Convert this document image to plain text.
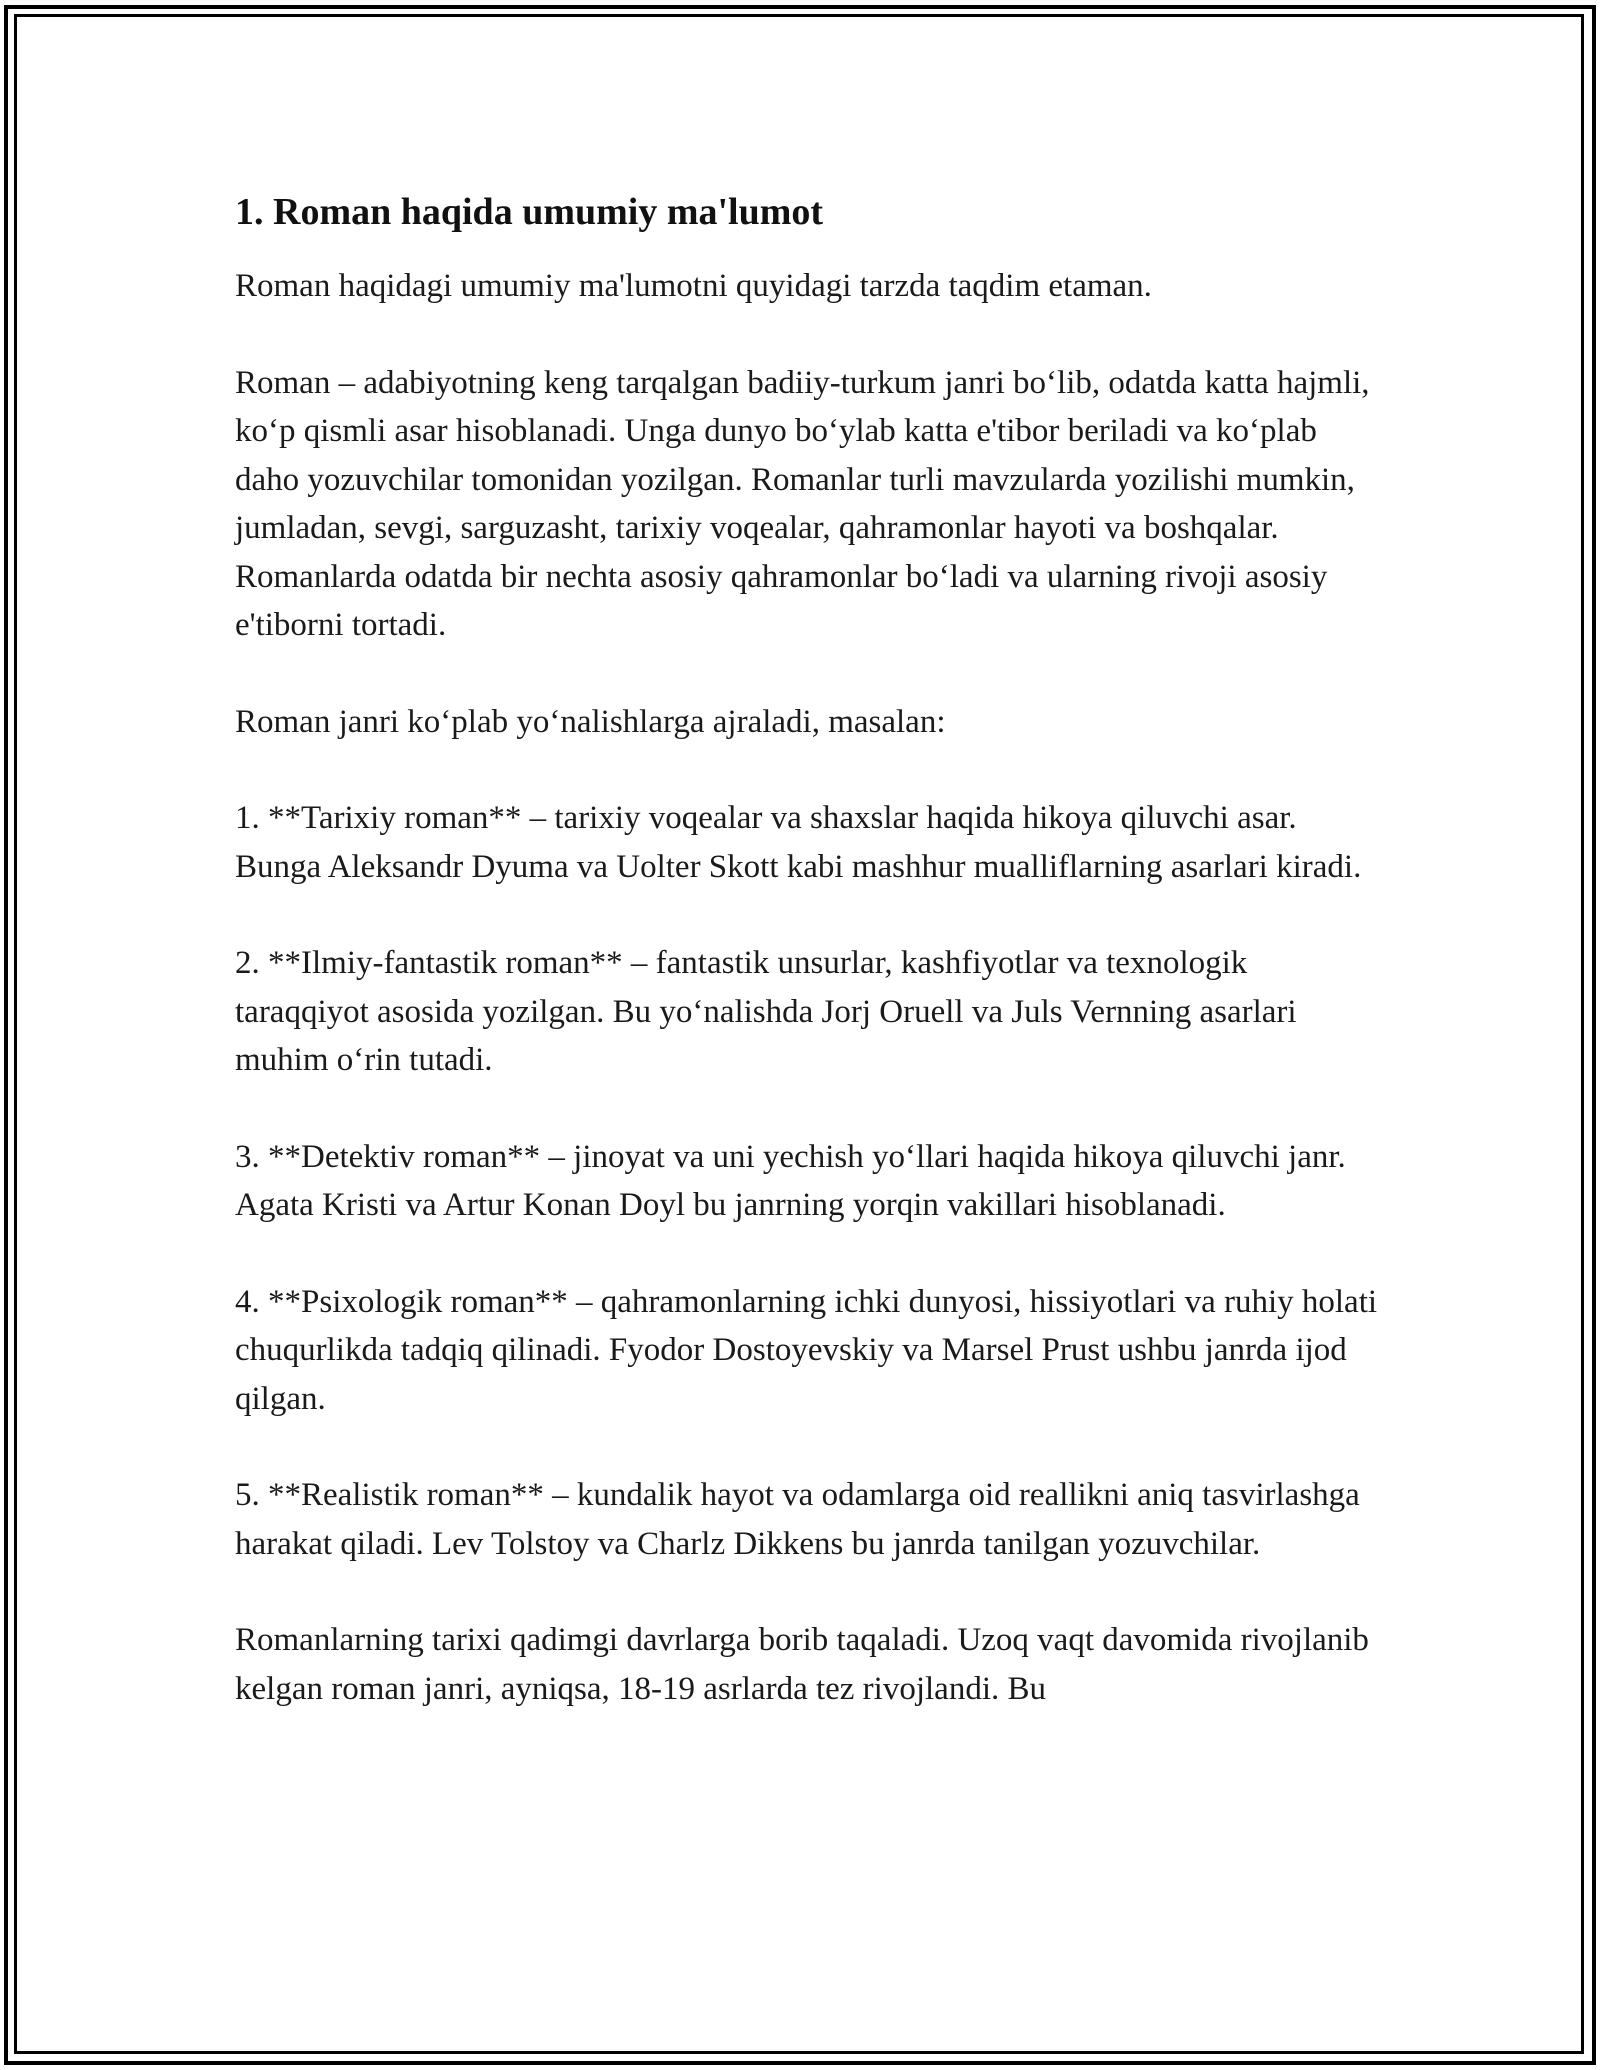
1. Roman haqida umumiy ma'lumot

Roman haqidagi umumiy ma'lumotni quyidagi tarzda taqdim etaman.

Roman – adabiyotning keng tarqalgan badiiy-turkum janri bo‘lib, odatda katta hajmli, ko‘p qismli asar hisoblanadi. Unga dunyo bo‘ylab katta e'tibor beriladi va ko‘plab daho yozuvchilar tomonidan yozilgan. Romanlar turli mavzularda yozilishi mumkin, jumladan, sevgi, sarguzasht, tarixiy voqealar, qahramonlar hayoti va boshqalar. Romanlarda odatda bir nechta asosiy qahramonlar bo‘ladi va ularning rivoji asosiy e'tiborni tortadi.

Roman janri ko‘plab yo‘nalishlarga ajraladi, masalan:

1. **Tarixiy roman** – tarixiy voqealar va shaxslar haqida hikoya qiluvchi asar. Bunga Aleksandr Dyuma va Uolter Skott kabi mashhur mualliflarning asarlari kiradi.

2. **Ilmiy-fantastik roman** – fantastik unsurlar, kashfiyotlar va texnologik taraqqiyot asosida yozilgan. Bu yo‘nalishda Jorj Oruell va Juls Vernning asarlari muhim o‘rin tutadi.

3. **Detektiv roman** – jinoyat va uni yechish yo‘llari haqida hikoya qiluvchi janr. Agata Kristi va Artur Konan Doyl bu janrning yorqin vakillari hisoblanadi.

4. **Psixologik roman** – qahramonlarning ichki dunyosi, hissiyotlari va ruhiy holati chuqurlikda tadqiq qilinadi. Fyodor Dostoyevskiy va Marsel Prust ushbu janrda ijod qilgan.

5. **Realistik roman** – kundalik hayot va odamlarga oid reallikni aniq tasvirlashga harakat qiladi. Lev Tolstoy va Charlz Dikkens bu janrda tanilgan yozuvchilar.

Romanlarning tarixi qadimgi davrlarga borib taqaladi. Uzoq vaqt davomida rivojlanib kelgan roman janri, ayniqsa, 18-19 asrlarda tez rivojlandi. Bu
